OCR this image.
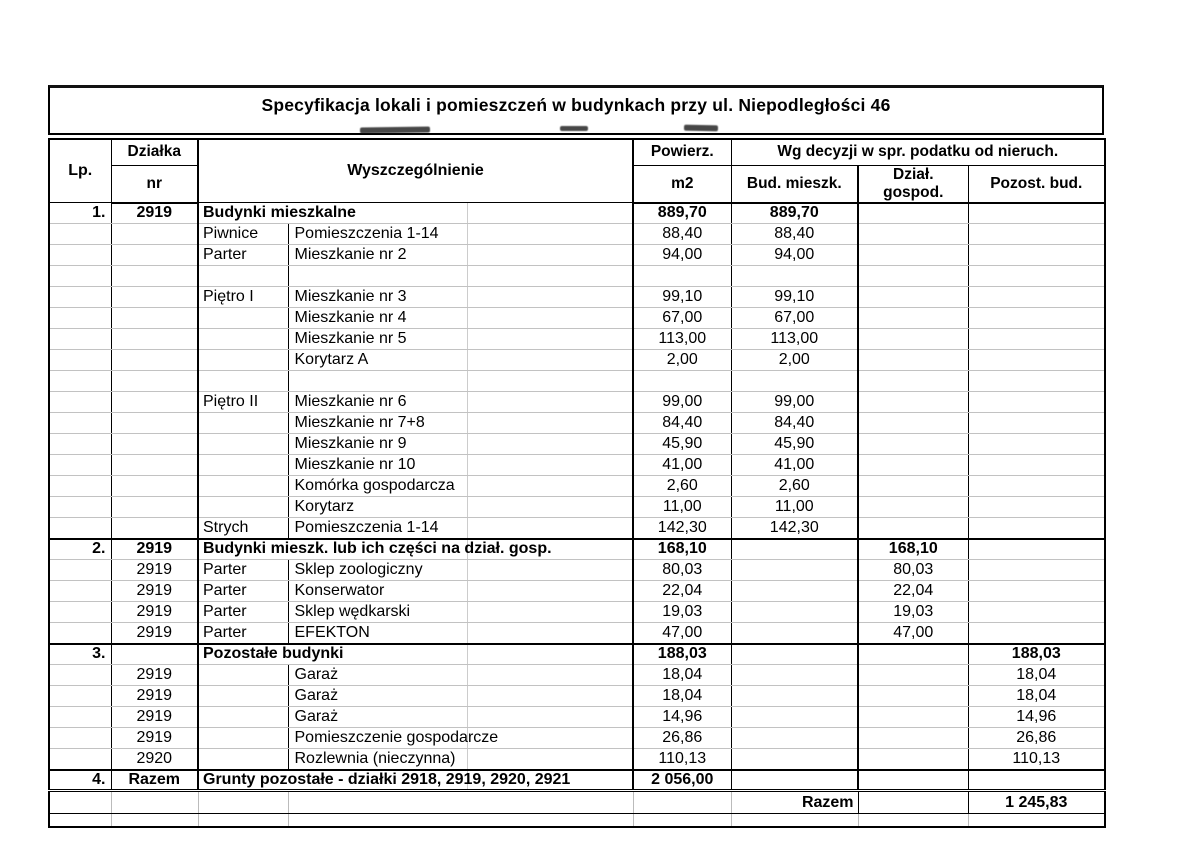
Specyfikacja lokali i pomieszczeń w budynkach przy ul. Niepodległości 46
Lp.	Działka	Wyszczególnienie		Powierz.	Wg decyzji w spr. podatku od nieruch.		
	nr			m2	Bud. mieszk.	Dział. gospod.	Pozost. bud.
1.	2919	Budynki mieszkalne		889,70	889,70		
		Piwnice	Pomieszczenia 1-14	88,40	88,40		
		Parter	Mieszkanie nr 2	94,00	94,00		

		Piętro I	Mieszkanie nr 3	99,10	99,10		
			Mieszkanie nr 4	67,00	67,00		
			Mieszkanie nr 5	113,00	113,00		
			Korytarz A	2,00	2,00		

		Piętro II	Mieszkanie nr 6	99,00	99,00		
			Mieszkanie nr 7+8	84,40	84,40		
			Mieszkanie nr 9	45,90	45,90		
			Mieszkanie nr 10	41,00	41,00		
			Komórka gospodarcza	2,60	2,60		
			Korytarz	11,00	11,00		
		Strych	Pomieszczenia 1-14	142,30	142,30		
2.	2919	Budynki mieszk. lub ich części na dział. gosp.		168,10		168,10	
	2919	Parter	Sklep zoologiczny	80,03		80,03	
	2919	Parter	Konserwator	22,04		22,04	
	2919	Parter	Sklep wędkarski	19,03		19,03	
	2919	Parter	EFEKTON	47,00		47,00	
3.		Pozostałe budynki		188,03			188,03
	2919		Garaż	18,04			18,04
	2919		Garaż	18,04			18,04
	2919		Garaż	14,96			14,96
	2919		Pomieszczenie gospodarcze	26,86			26,86
	2920		Rozlewnia (nieczynna)	110,13			110,13
4.	Razem	Grunty pozostałe - działki 2918, 2919, 2920, 2921		2 056,00			
					Razem		1 245,83
